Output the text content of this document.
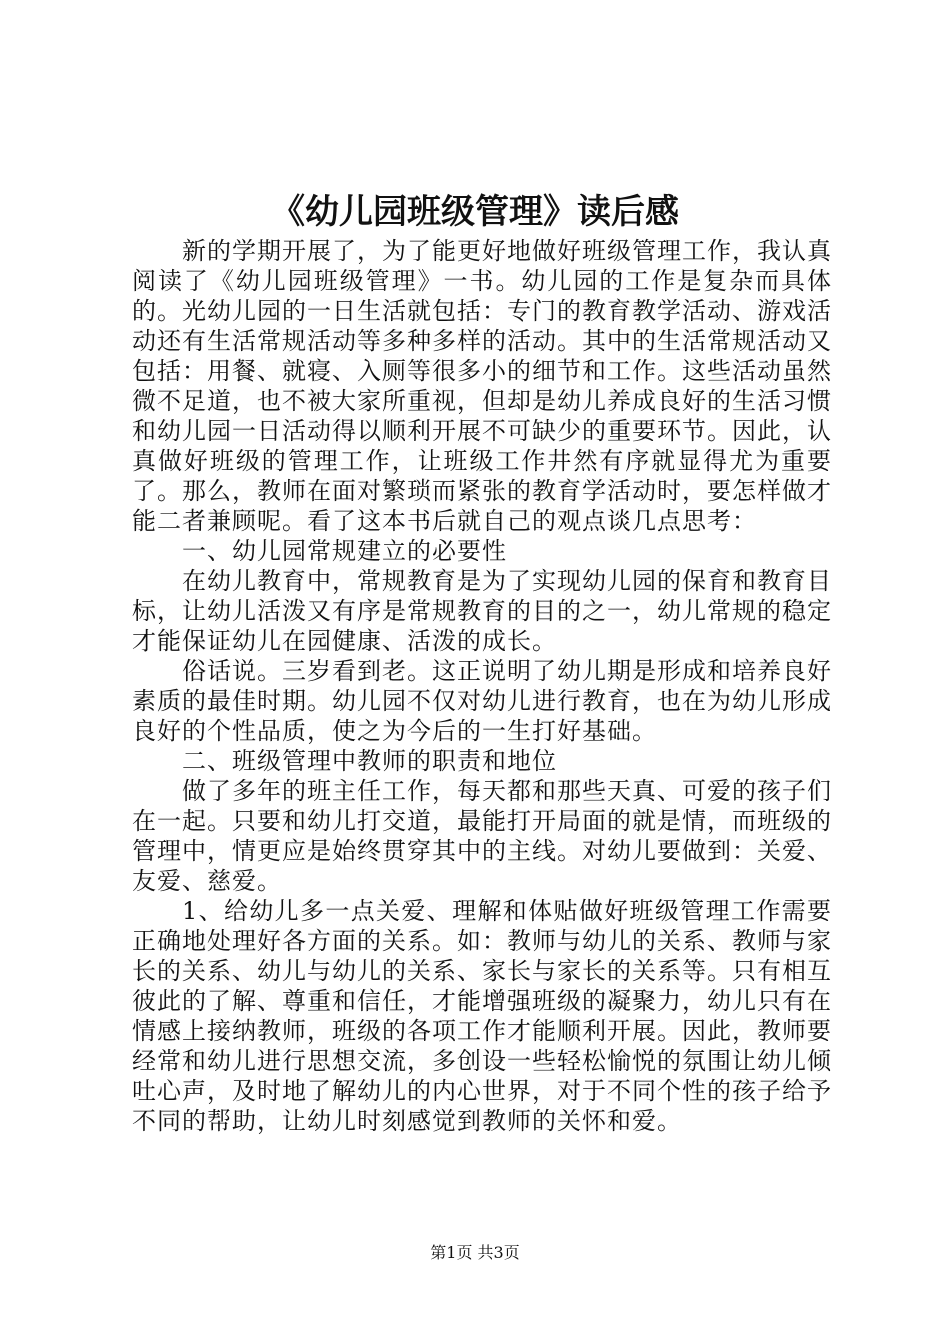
《幼儿园班级管理》读后感

新的学期开展了，为了能更好地做好班级管理工作，我认真阅读了《幼儿园班级管理》一书。幼儿园的工作是复杂而具体的。光幼儿园的一日生活就包括：专门的教育教学活动、游戏活动还有生活常规活动等多种多样的活动。其中的生活常规活动又包括：用餐、就寝、入厕等很多小的细节和工作。这些活动虽然微不足道，也不被大家所重视，但却是幼儿养成良好的生活习惯和幼儿园一日活动得以顺利开展不可缺少的重要环节。因此，认真做好班级的管理工作，让班级工作井然有序就显得尤为重要了。那么，教师在面对繁琐而紧张的教育学活动时，要怎样做才能二者兼顾呢。看了这本书后就自己的观点谈几点思考：

一、幼儿园常规建立的必要性

在幼儿教育中，常规教育是为了实现幼儿园的保育和教育目标，让幼儿活泼又有序是常规教育的目的之一，幼儿常规的稳定才能保证幼儿在园健康、活泼的成长。

俗话说。三岁看到老。这正说明了幼儿期是形成和培养良好素质的最佳时期。幼儿园不仅对幼儿进行教育，也在为幼儿形成良好的个性品质，使之为今后的一生打好基础。

二、班级管理中教师的职责和地位

做了多年的班主任工作，每天都和那些天真、可爱的孩子们在一起。只要和幼儿打交道，最能打开局面的就是情，而班级的管理中，情更应是始终贯穿其中的主线。对幼儿要做到：关爱、友爱、慈爱。

1、给幼儿多一点关爱、理解和体贴做好班级管理工作需要正确地处理好各方面的关系。如：教师与幼儿的关系、教师与家长的关系、幼儿与幼儿的关系、家长与家长的关系等。只有相互彼此的了解、尊重和信任，才能增强班级的凝聚力，幼儿只有在情感上接纳教师，班级的各项工作才能顺利开展。因此，教师要经常和幼儿进行思想交流，多创设一些轻松愉悦的氛围让幼儿倾吐心声，及时地了解幼儿的内心世界，对于不同个性的孩子给予不同的帮助，让幼儿时刻感觉到教师的关怀和爱。

第1页 共3页
